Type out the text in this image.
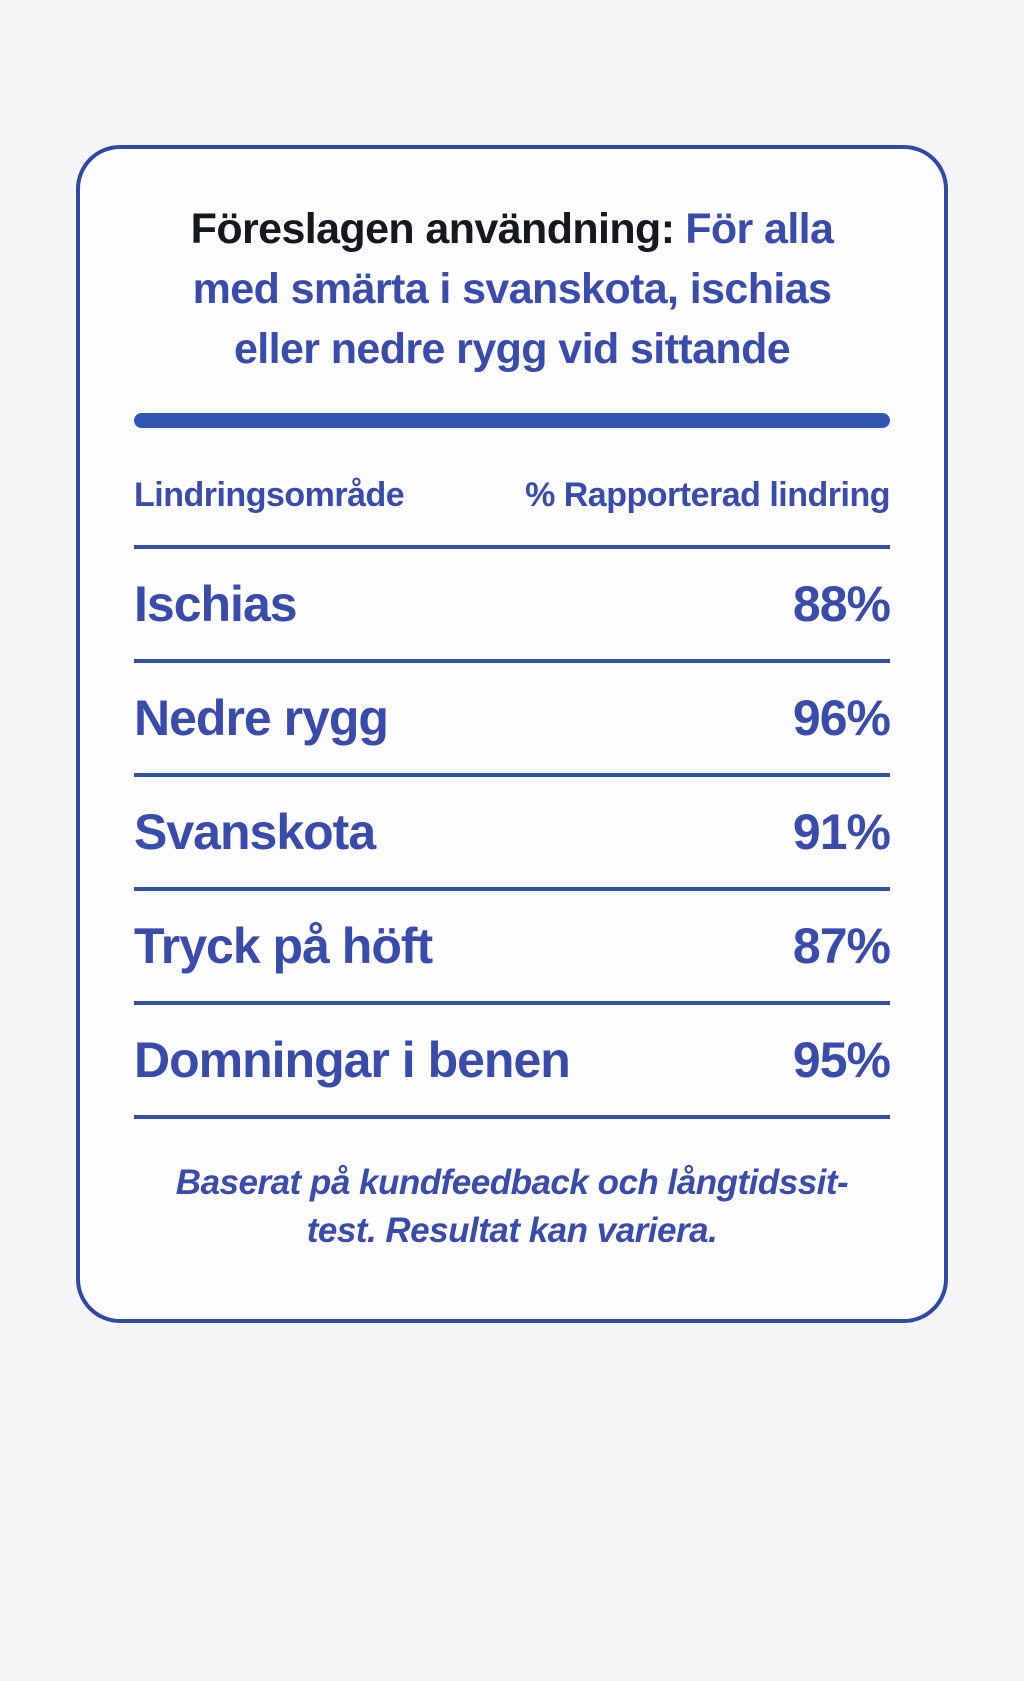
Föreslagen användning: För alla
med smärta i svanskota, ischias
eller nedre rygg vid sittande
Lindringsområde	% Rapporterad lindring
Ischias	88%
Nedre rygg	96%
Svanskota	91%
Tryck på höft	87%
Domningar i benen	95%

Baserat på kundfeedback och långtidssit-
test. Resultat kan variera.
